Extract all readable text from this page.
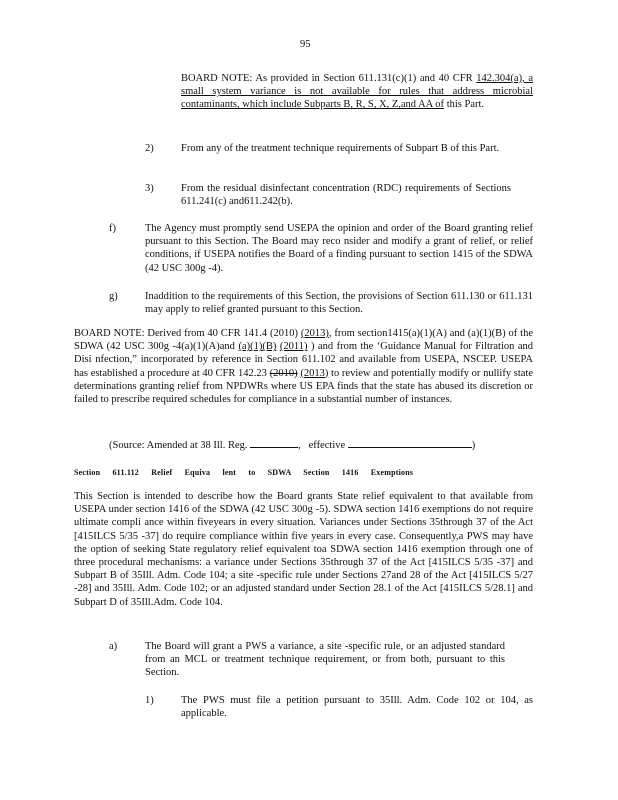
95
BOARD NOTE: As provided in Section 611.131(c)(1) and 40 CFR 142.304(a), a small system variance is not available for rules that address microbial contaminants, which include Subparts B, R, S, X, Z,and AA of this Part.
2)	From any of the treatment technique requirements of Subpart B of this Part.
3)	From the residual disinfectant concentration (RDC) requirements of Sections 611.241(c) and611.242(b).
f)	The Agency must promptly send USEPA the opinion and order of the Board granting relief pursuant to this Section. The Board may reco nsider and modify a grant of relief, or relief conditions, if USEPA notifies the Board of a finding pursuant to section 1415 of the SDWA (42 USC 300g -4).
g)	Inaddition to the requirements of this Section, the provisions of Section 611.130 or 611.131 may apply to relief granted pursuant to this Section.
BOARD NOTE: Derived from 40 CFR 141.4 (2010) (2013), from section1415(a)(1)(A) and (a)(1)(B) of the SDWA (42 USC 300g -4(a)(1)(A)and (a)(1)(B) (2011) ) and from the ‘Guidance Manual for Filtration and Disi nfection,” incorporated by reference in Section 611.102 and available from USEPA, NSCEP. USEPA has established a procedure at 40 CFR 142.23 (2010) (2013) to review and potentially modify or nullify state determinations granting relief from NPDWRs where US EPA finds that the state has abused its discretion or failed to prescribe required schedules for compliance in a substantial number of instances.
(Source: Amended at 38 Ill. Reg.	, effective	)
Section 611.112 Relief Equiva lent to SDWA Section 1416 Exemptions
This Section is intended to describe how the Board grants State relief equivalent to that available from USEPA under section 1416 of the SDWA (42 USC 300g -5). SDWA section 1416 exemptions do not require ultimate compli ance within fiveyears in every situation. Variances under Sections 35through 37 of the Act [415ILCS 5/35 -37] do require compliance within five years in every case. Consequently,a PWS may have the option of seeking State regulatory relief equivalent toa SDWA section 1416 exemption through one of three procedural mechanisms: a variance under Sections 35through 37 of the Act [415ILCS 5/35 -37] and Subpart B of 35Ill. Adm. Code 104; a site -specific rule under Sections 27and 28 of the Act [415ILCS 5/27 -28] and 35Ill. Adm. Code 102; or an adjusted standard under Section 28.1 of the Act [415ILCS 5/28.1] and Subpart D of 35Ill.Adm. Code 104.
a)	The Board will grant a PWS a variance, a site -specific rule, or an adjusted standard from an MCL or treatment technique requirement, or from both, pursuant to this Section.
1)	The PWS must file a petition pursuant to 35Ill. Adm. Code 102 or 104, as applicable.
